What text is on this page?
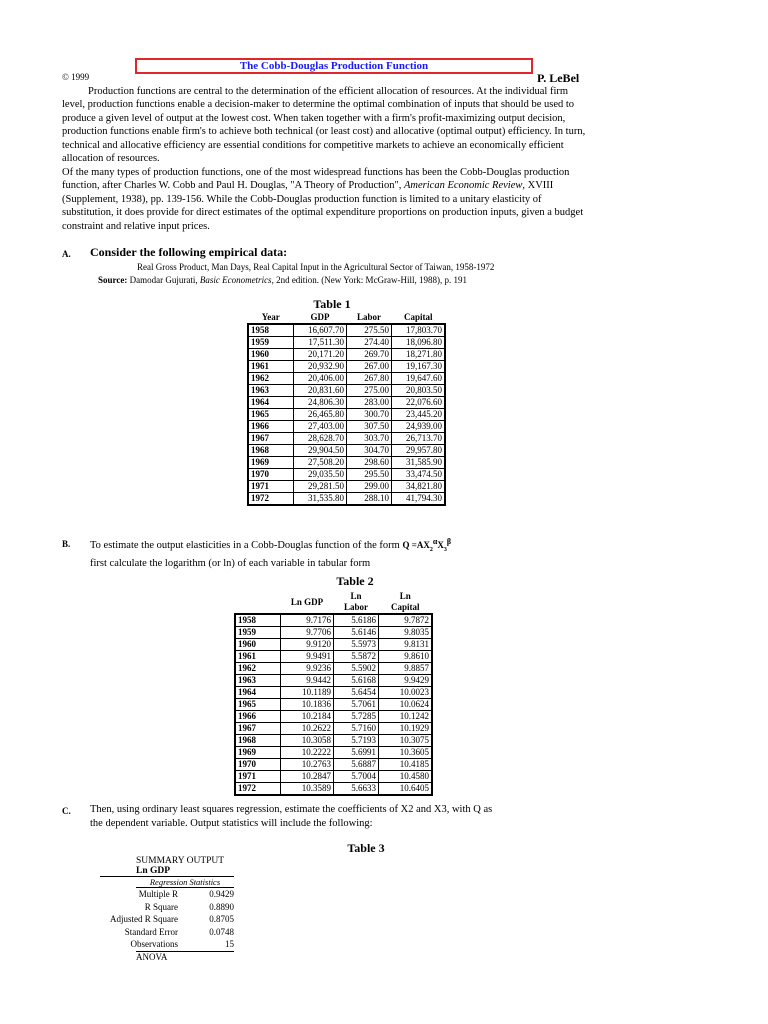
The Cobb-Douglas Production Function
© 1999	P. LeBel

Production functions are central to the determination of the efficient allocation of resources. At the individual firm level, production functions enable a decision-maker to determine the optimal combination of inputs that should be used to produce a given level of output at the lowest cost. When taken together with a firm's profit-maximizing output decision, production functions enable firm's to achieve both technical (or least cost) and allocative (optimal output) efficiency. In turn, technical and allocative efficiency are essential conditions for competitive markets to achieve an economically efficient allocation of resources.

Of the many types of production functions, one of the most widespread functions has been the Cobb-Douglas production function, after Charles W. Cobb and Paul H. Douglas, "A Theory of Production", American Economic Review, XVIII (Supplement, 1938), pp. 139-156. While the Cobb-Douglas production function is limited to a unitary elasticity of substitution, it does provide for direct estimates of the optimal expenditure proportions on production inputs, given a budget constraint and relative input prices.

A. Consider the following empirical data:
Real Gross Product, Man Days, Real Capital Input in the Agricultural Sector of Taiwan, 1958-1972
Source: Damodar Gujurati, Basic Econometrics, 2nd edition. (New York: McGraw-Hill, 1988), p. 191
Table 1
Year	GDP	Labor	Capital
1958	16,607.70	275.50	17,803.70
1959	17,511.30	274.40	18,096.80
1960	20,171.20	269.70	18,271.80
1961	20,932.90	267.00	19,167.30
1962	20,406.00	267.80	19,647.60
1963	20,831.60	275.00	20,803.50
1964	24,806.30	283.00	22,076.60
1965	26,465.80	300.70	23,445.20
1966	27,403.00	307.50	24,939.00
1967	28,628.70	303.70	26,713.70
1968	29,904.50	304.70	29,957.80
1969	27,508.20	298.60	31,585.90
1970	29,035.50	295.50	33,474.50
1971	29,281.50	299.00	34,821.80
1972	31,535.80	288.10	41,794.30
B. To estimate the output elasticities in a Cobb-Douglas function of the form $Q =AX_2^\alpha X_3^\beta$
first calculate the logarithm (or ln) of each variable in tabular form
Table 2
	Ln GDP	Ln Labor	Ln Capital
1958	9.7176	5.6186	9.7872
1959	9.7706	5.6146	9.8035
1960	9.9120	5.5973	9.8131
1961	9.9491	5.5872	9.8610
1962	9.9236	5.5902	9.8857
1963	9.9442	5.6168	9.9429
1964	10.1189	5.6454	10.0023
1965	10.1836	5.7061	10.0624
1966	10.2184	5.7285	10.1242
1967	10.2622	5.7160	10.1929
1968	10.3058	5.7193	10.3075
1969	10.2222	5.6991	10.3605
1970	10.2763	5.6887	10.4185
1971	10.2847	5.7004	10.4580
1972	10.3589	5.6633	10.6405
C. Then, using ordinary least squares regression, estimate the coefficients of X2 and X3, with Q as
the dependent variable. Output statistics will include the following:
Table 3
SUMMARY OUTPUT
Ln GDP
Regression Statistics
Multiple R	0.9429
R Square	0.8890
Adjusted R Square	0.8705
Standard Error	0.0748
Observations	15
ANOVA
